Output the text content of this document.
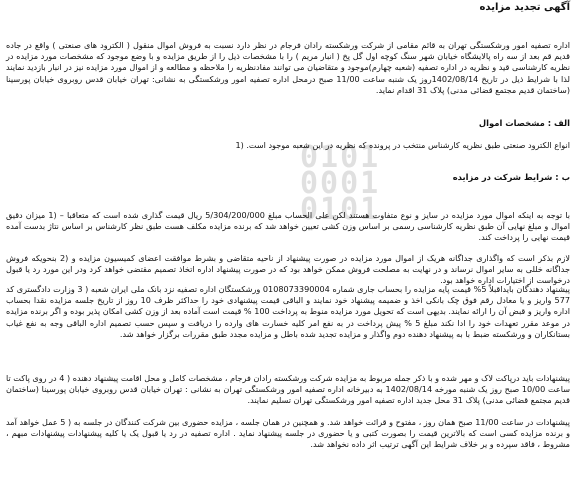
0101
0001
0101
آگهی تجدید مزایده

اداره تصفیه امور ورشکستگی تهران به قائم مقامی از شرکت ورشکسته رادان فرجام در نظر دارد نسبت به فروش اموال منقول ( الکترود های صنعتی ) واقع در جاده قدیم قم بعد از سه راه پالایشگاه خیابان شهر سنگ کوچه اول گل پخ ( انبار مریم ) را با مشخصات ذیل را از طریق مزایده و با وضع موجود که مشخصات مورد مزایده در نظریه کارشناسی قید و نظریه در اداره تصفیه (شعبه چهارم)موجود و متقاضیان می توانند مفادنظریه را ملاحظه و مطالعه و از اموال مورد مزایده نیز در انبار بازدید نمایند لذا با شرایط ذیل در تاریخ 1402/08/14روز یک شنبه ساعت 11/00 صبح درمحل اداره تصفیه امور ورشکستگی به نشانی: تهران خیابان قدس روبروی خیابان پورسینا (ساختمان قدیم مجتمع قضائی مدنی) پلاک 31 اقدام نماید.

الف : مشخصات اموال

انواع الکترود صنعتی طبق نظریه کارشناس منتخب در پرونده که نظریه در این شعبه موجود است. (1

ب : شرایط شرکت در مزایده

با توجه به اینکه اموال مورد مزایده در سایز و نوع متفاوت هستند لکن علی الحساب مبلغ 5/304/200/000 ریال قیمت گذاری شده است که متعاقبا – (1 میزان دقیق اموال و مبلغ نهایی آن طبق نظریه کارشناسی رسمی بر اساس وزن کشی تعیین خواهد شد که برنده مزایده مکلف هست طبق نظر کارشناس بر اساس نتاژ بدست آمده قیمت نهایی را پرداخت کند.

لازم بذکر است که واگذاری جداگانه هریک از اموال مورد مزایده در صورت پیشنهاد از ناحیه متقاضی و بشرط موافقت اعضای کمیسیون مزایده و (2 بنحویکه فروش جداگانه خللی به سایر اموال نرساند و در نهایت به مصلحت فروش ممکن خواهد بود که در صورت پیشنهاد اداره اتخاذ تصمیم مقتضی خواهد کرد ودر این مورد رد یا قبول درخواست از اختیارات اداره خواهد بود.

پیشنهاد دهندگان بایداقبلاً 5% قیمت پایه مزایده را بحساب جاری شماره 0108073390004 ورشکستگان اداره تصفیه نزد بانک ملی ایران شعبه ( 3 وزارت دادگستری کد 577 واریز و یا معادل رقم فوق چک بانکی اخذ و ضمیمه پیشنهاد خود نمایند و الباقی قیمت پیشنهادی خود را حداکثر ظرف 10 روز از تاریخ جلسه مزایده نقدا بحساب اداره واریز و قبض آن را ارائه نمایند. بدیهی است که تحویل مورد مزایده منوط به پرداخت 100 % قیمت است آماده بعد از وزن کشی امکان پذیر بوده و اگر برنده مزایده در موعد مقرر تعهدات خود را ادا نکند مبلغ 5 % پیش پرداخت در به نفع امر کلیه خسارت های وارده را دریافت و سپس حسب تصمیم اداره الباقی وجه به نفع غیاب بستانکاران و ورشکسته ضبط با به پیشنهاد دهنده دوم واگذار و مزایده تجدید شده باطل و مزایده مجدد طبق مقررات برگزار خواهد شد.

پیشنهادات باید درپاکت لاک و مهر شده و با ذکر جمله مربوط به مزایده شرکت ورشکسته رادان فرجام ، مشخصات کامل و محل اقامت پیشنهاد دهنده ( 4 در روی پاکت تا ساعت 10/00 صبح روز یک شنبه مورخه 1402/08/14 به دبیرخانه اداره تصفیه امور ورشکستگی تهران به نشانی : تهران خیابان قدس روبروی خیابان پورسینا (ساختمان قدیم مجتمع قضائی مدنی) پلاک 31 محل جدید اداره تصفیه امور ورشکستگی تهران تسلیم نمایند.

پیشنهادات در ساعت 11/00 صبح همان روز ، مفتوح و قرائت خواهد شد. و همچنین در همان جلسه ، مزایده حضوری بین شرکت کنندگان در جلسه به ( 5 عمل خواهد آمد و برنده مزایده کسی است که بالاترین قیمت را بصورت کتبی و یا حضوری در جلسه پیشنهاد نماید . اداره تصفیه در رد یا قبول یک یا کلیه پیشنهادات پیشنهادات مبهم ، مشروط ، فاقد سپرده و یر خلاف شرایط این آگهی ترتیب اثر داده نخواهد شد.
